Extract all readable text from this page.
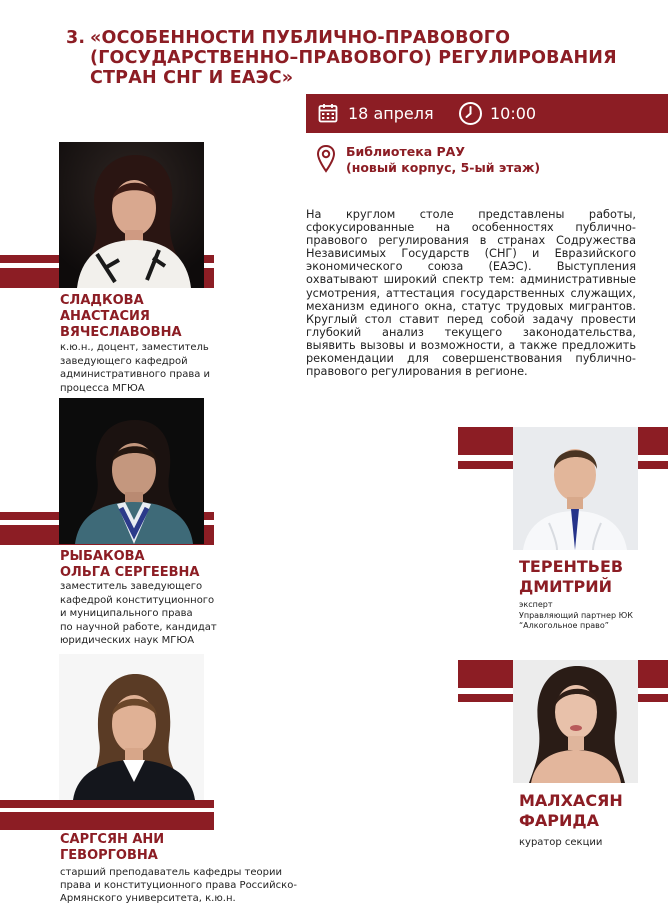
3. «ОСОБЕННОСТИ ПУБЛИЧНО-ПРАВОВОГО (ГОСУДАРСТВЕННО–ПРАВОВОГО) РЕГУЛИРОВАНИЯ СТРАН СНГ И ЕАЭС»
18 апреля	10:00
Библиотека РАУ
(новый корпус, 5-ый этаж)
На круглом столе представлены работы, сфокусированные на особенностях публично-правового регулирования в странах Содружества Независимых Государств (СНГ) и Евразийского экономического союза (ЕАЭС). Выступления охватывают широкий спектр тем: административные усмотрения, аттестация государственных служащих, механизм единого окна, статус трудовых мигрантов. Круглый стол ставит перед собой задачу провести глубокий анализ текущего законодательства, выявить вызовы и возможности, а также предложить рекомендации для совершенствования публично-правового регулирования в регионе.
СЛАДКОВА
АНАСТАСИЯ
ВЯЧЕСЛАВОВНА
к.ю.н., доцент, заместитель
заведующего кафедрой
административного права и
процесса МГЮА
РЫБАКОВА
ОЛЬГА СЕРГЕЕВНА
заместитель заведующего
кафедрой конституционного
и муниципального права
по научной работе, кандидат
юридических наук МГЮА
САРГСЯН АНИ
ГЕВОРГОВНА
старший преподаватель кафедры теории
права и конституционного права Российско-
Армянского университета, к.ю.н.
ТЕРЕНТЬЕВ
ДМИТРИЙ
эксперт
Управляющий партнер ЮК
“Алкогольное право”
МАЛХАСЯН
ФАРИДА
куратор секции
